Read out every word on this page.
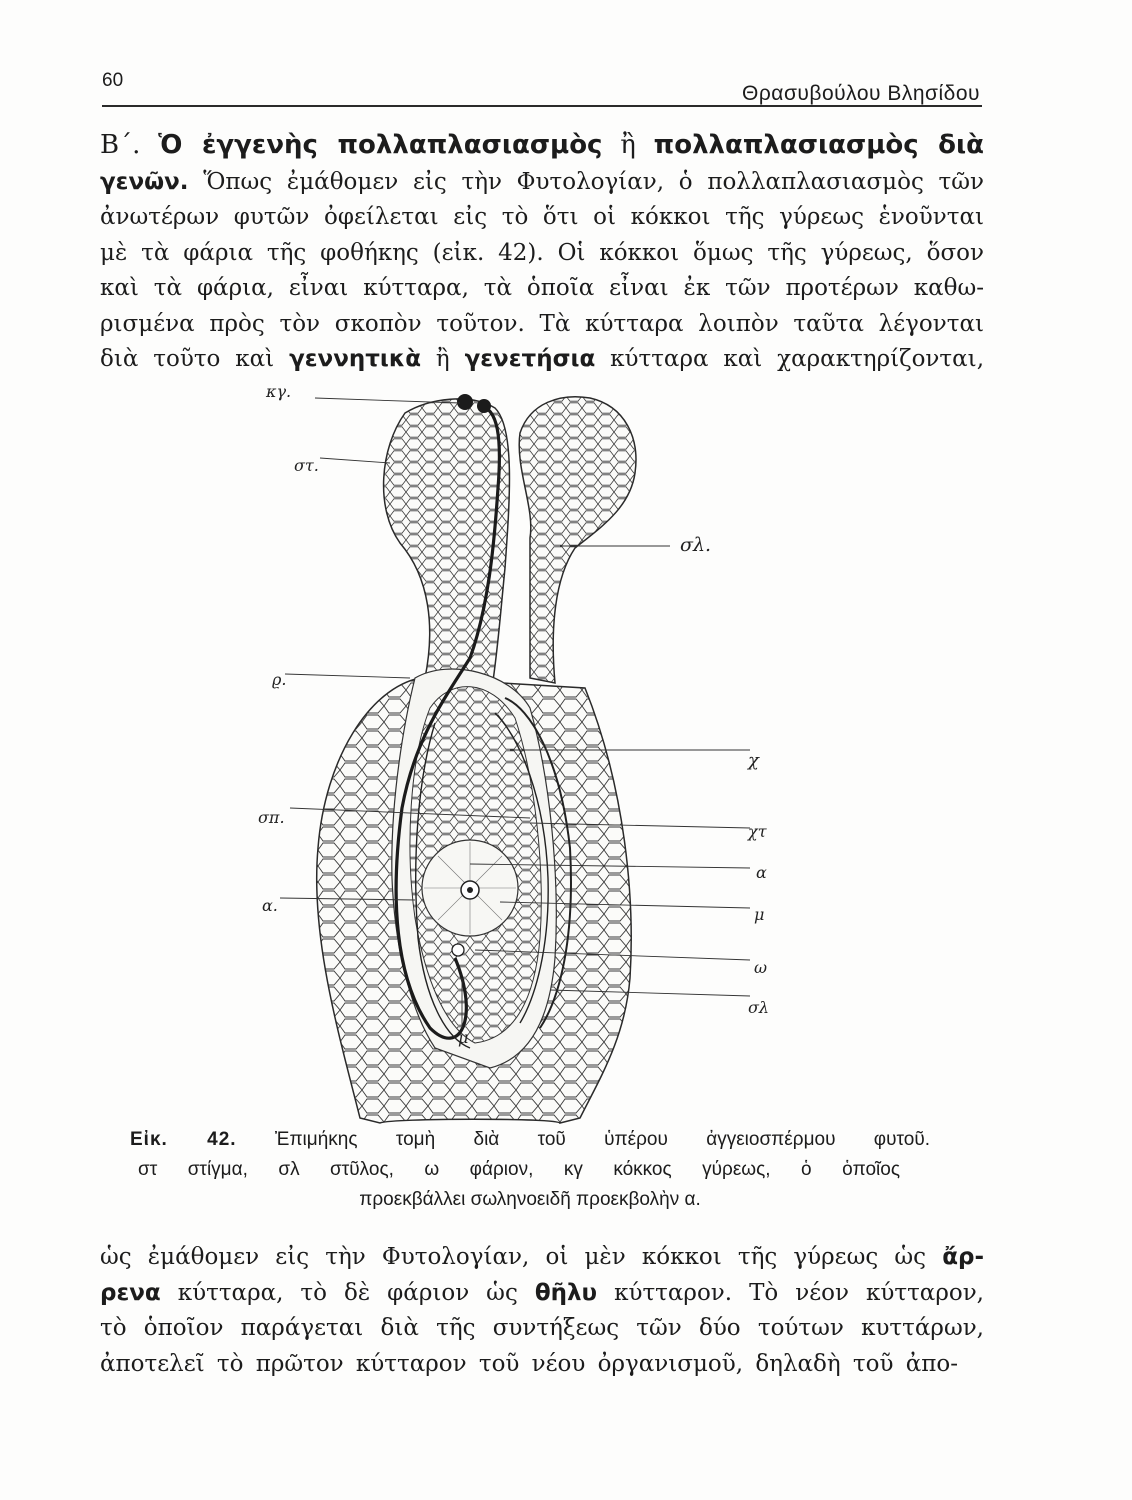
60
Θρασυβούλου Βλησίδου
Β΄. Ὁ ἐγγενὴς πολλαπλασιασμὸς ἢ πολλαπλασιασμὸς διὰ
γενῶν. Ὅπως ἐμάθομεν εἰς τὴν Φυτολογίαν, ὁ πολλαπλασιασμὸς τῶν
ἀνωτέρων φυτῶν ὀφείλεται εἰς τὸ ὅτι οἱ κόκκοι τῆς γύρεως ἑνοῦνται
μὲ τὰ φάρια τῆς φοθήκης (εἰκ. 42). Οἱ κόκκοι ὅμως τῆς γύρεως, ὅσον
καὶ τὰ φάρια, εἶναι κύτταρα, τὰ ὁποῖα εἶναι ἐκ τῶν προτέρων καθω-
ρισμένα πρὸς τὸν σκοπὸν τοῦτον. Τὰ κύτταρα λοιπὸν ταῦτα λέγονται
διὰ τοῦτο καὶ γεννητικὰ ἢ γενετήσια κύτταρα καὶ χαρακτηρίζονται,
κγ.
στ.
σλ.
ϱ.
χ
σπ.
χτ
α
α.	μ
ω
σλ
μ
Εἰκ. 42. Ἐπιμήκης τομὴ διὰ τοῦ ὑπέρου ἀγγειοσπέρμου φυτοῦ.
στ στίγμα, σλ στῦλος, ω φάριον, κγ κόκκος γύρεως, ὁ ὁποῖος
προεκβάλλει σωληνοειδῆ προεκβολὴν α.
ὡς ἐμάθομεν εἰς τὴν Φυτολογίαν, οἱ μὲν κόκκοι τῆς γύρεως ὡς ἄρ-
ρενα κύτταρα, τὸ δὲ φάριον ὡς θῆλυ κύτταρον. Τὸ νέον κύτταρον,
τὸ ὁποῖον παράγεται διὰ τῆς συντήξεως τῶν δύο τούτων κυττάρων,
ἀποτελεῖ τὸ πρῶτον κύτταρον τοῦ νέου ὀργανισμοῦ, δηλαδὴ τοῦ ἀπο-
